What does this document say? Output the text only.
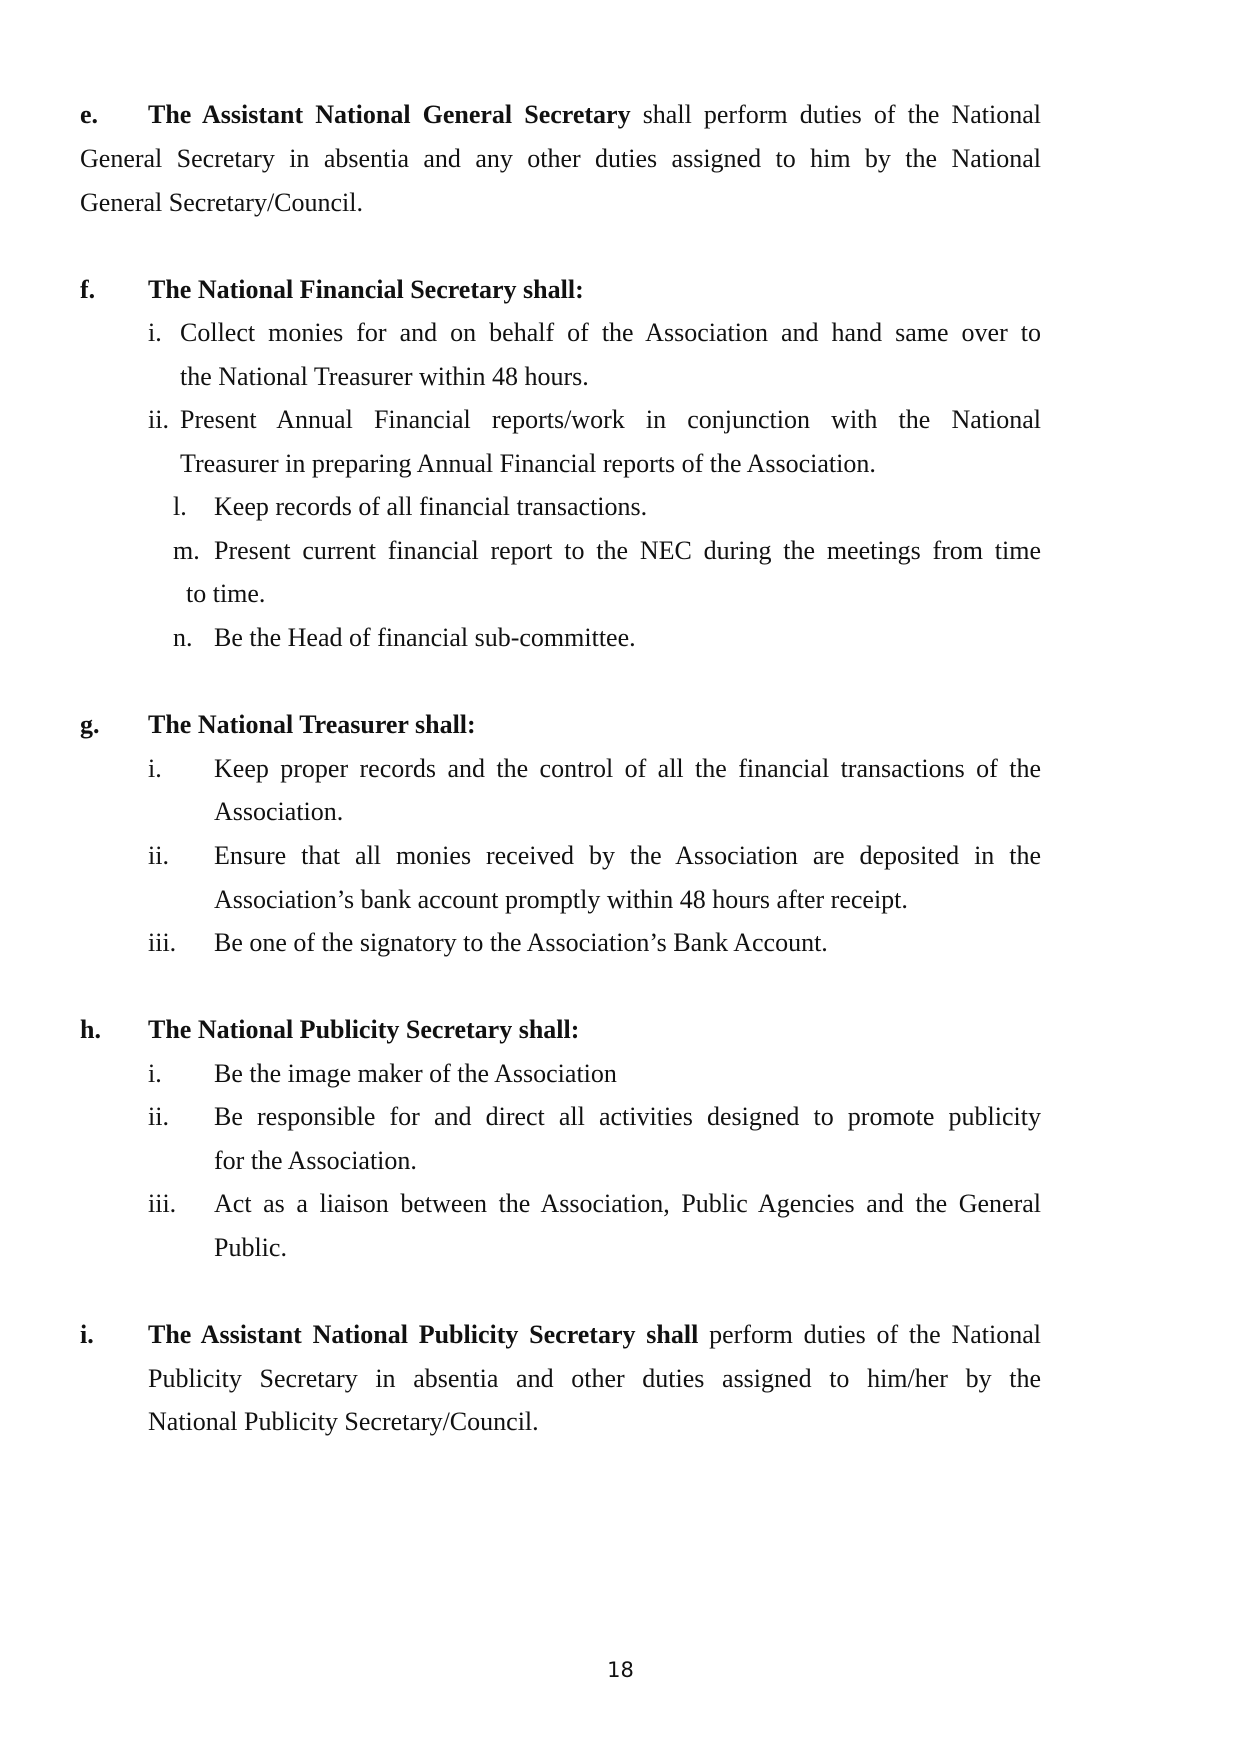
e. The Assistant National General Secretary shall perform duties of the National
General Secretary in absentia and any other duties assigned to him by the National
General Secretary/Council.
f. The National Financial Secretary shall:
i. Collect monies for and on behalf of the Association and hand same over to
the National Treasurer within 48 hours.
ii. Present Annual Financial reports/work in conjunction with the National
Treasurer in preparing Annual Financial reports of the Association.
l. Keep records of all financial transactions.
m. Present current financial report to the NEC during the meetings from time
to time.
n. Be the Head of financial sub-committee.
g. The National Treasurer shall:
i. Keep proper records and the control of all the financial transactions of the
Association.
ii. Ensure that all monies received by the Association are deposited in the
Association’s bank account promptly within 48 hours after receipt.
iii. Be one of the signatory to the Association’s Bank Account.
h. The National Publicity Secretary shall:
i. Be the image maker of the Association
ii. Be responsible for and direct all activities designed to promote publicity
for the Association.
iii. Act as a liaison between the Association, Public Agencies and the General
Public.
i. The Assistant National Publicity Secretary shall perform duties of the National
Publicity Secretary in absentia and other duties assigned to him/her by the
National Publicity Secretary/Council.
18
